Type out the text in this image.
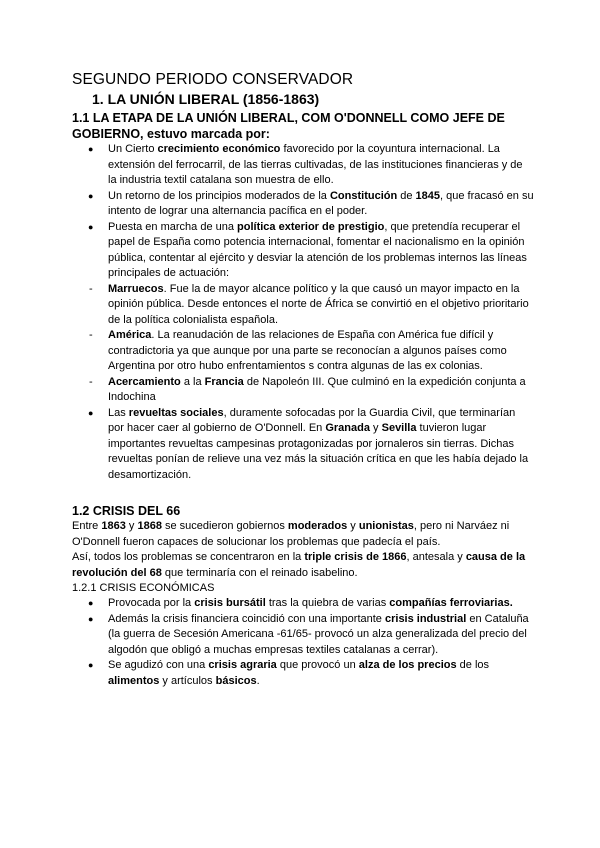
SEGUNDO PERIODO CONSERVADOR
1. LA UNIÓN LIBERAL (1856-1863)
1.1 LA ETAPA DE LA UNIÓN LIBERAL, COM O'DONNELL COMO JEFE DE GOBIERNO, estuvo marcada por:
● Un Cierto crecimiento económico favorecido por la coyuntura internacional. La extensión del ferrocarril, de las tierras cultivadas, de las instituciones financieras y de la industria textil catalana son muestra de ello.
● Un retorno de los principios moderados de la Constitución de 1845, que fracasó en su intento de lograr una alternancia pacífica en el poder.
● Puesta en marcha de una política exterior de prestigio, que pretendía recuperar el papel de España como potencia internacional, fomentar el nacionalismo en la opinión pública, contentar al ejército y desviar la atención de los problemas internos las líneas principales de actuación:
- Marruecos. Fue la de mayor alcance político y la que causó un mayor impacto en la opinión pública. Desde entonces el norte de África se convirtió en el objetivo prioritario de la política colonialista española.
- América. La reanudación de las relaciones de España con América fue difícil y contradictoria ya que aunque por una parte se reconocían a algunos países como Argentina por otro hubo enfrentamientos s contra algunas de las ex colonias.
- Acercamiento a la Francia de Napoleón III. Que culminó en la expedición conjunta a Indochina
● Las revueltas sociales, duramente sofocadas por la Guardia Civil, que terminarían por hacer caer al gobierno de O'Donnell. En Granada y Sevilla tuvieron lugar importantes revueltas campesinas protagonizadas por jornaleros sin tierras. Dichas revueltas ponían de relieve una vez más la situación crítica en que les había dejado la desamortización.
1.2 CRISIS DEL 66

Entre 1863 y 1868 se sucedieron gobiernos moderados y unionistas, pero ni Narváez ni O'Donnell fueron capaces de solucionar los problemas que padecía el país.

Así, todos los problemas se concentraron en la triple crisis de 1866, antesala y causa de la revolución del 68 que terminaría con el reinado isabelino.

1.2.1 CRISIS ECONÓMICAS
● Provocada por la crisis bursátil tras la quiebra de varias compañías ferroviarias.
● Además la crisis financiera coincidió con una importante crisis industrial en Cataluña (la guerra de Secesión Americana -61/65- provocó un alza generalizada del precio del algodón que obligó a muchas empresas textiles catalanas a cerrar).
● Se agudizó con una crisis agraria que provocó un alza de los precios de los alimentos y artículos básicos.
